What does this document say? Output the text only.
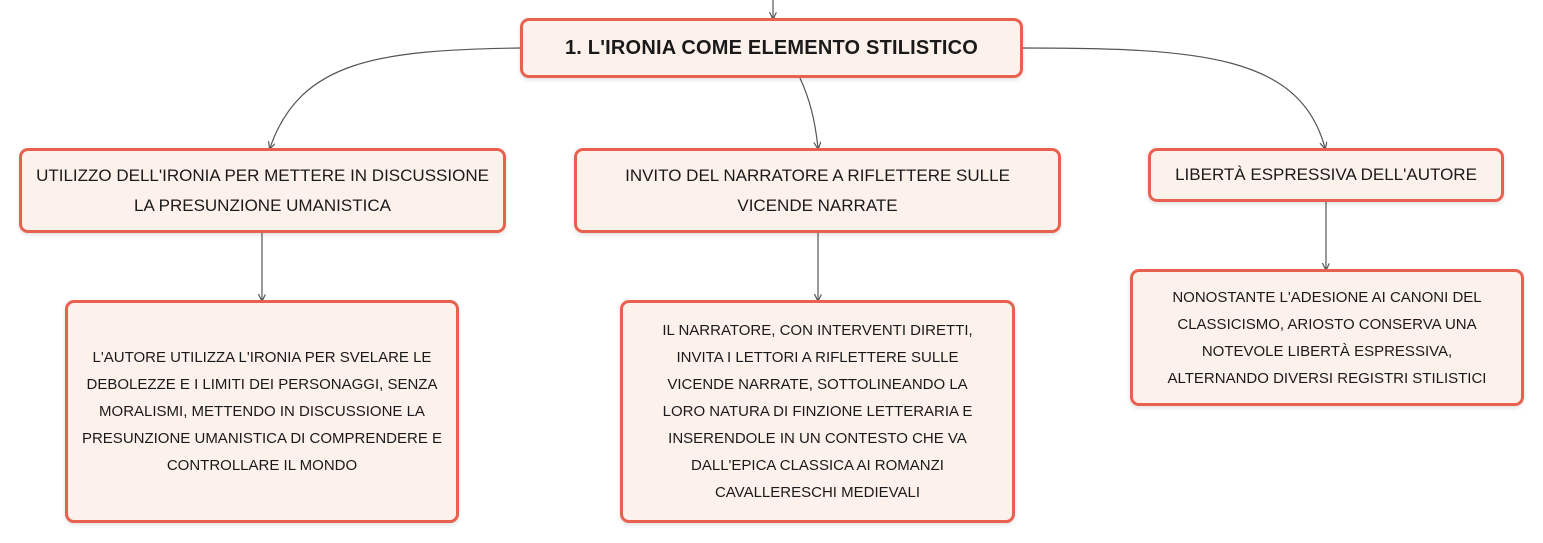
1. L'IRONIA COME ELEMENTO STILISTICO
UTILIZZO DELL'IRONIA PER METTERE IN DISCUSSIONE LA PRESUNZIONE UMANISTICA
INVITO DEL NARRATORE A RIFLETTERE SULLE VICENDE NARRATE
LIBERTÀ ESPRESSIVA DELL'AUTORE
L'AUTORE UTILIZZA L'IRONIA PER SVELARE LE DEBOLEZZE E I LIMITI DEI PERSONAGGI, SENZA MORALISMI, METTENDO IN DISCUSSIONE LA PRESUNZIONE UMANISTICA DI COMPRENDERE E CONTROLLARE IL MONDO
IL NARRATORE, CON INTERVENTI DIRETTI, INVITA I LETTORI A RIFLETTERE SULLE VICENDE NARRATE, SOTTOLINEANDO LA LORO NATURA DI FINZIONE LETTERARIA E INSERENDOLE IN UN CONTESTO CHE VA DALL'EPICA CLASSICA AI ROMANZI CAVALLERESCHI MEDIEVALI
NONOSTANTE L'ADESIONE AI CANONI DEL CLASSICISMO, ARIOSTO CONSERVA UNA NOTEVOLE LIBERTÀ ESPRESSIVA, ALTERNANDO DIVERSI REGISTRI STILISTICI
